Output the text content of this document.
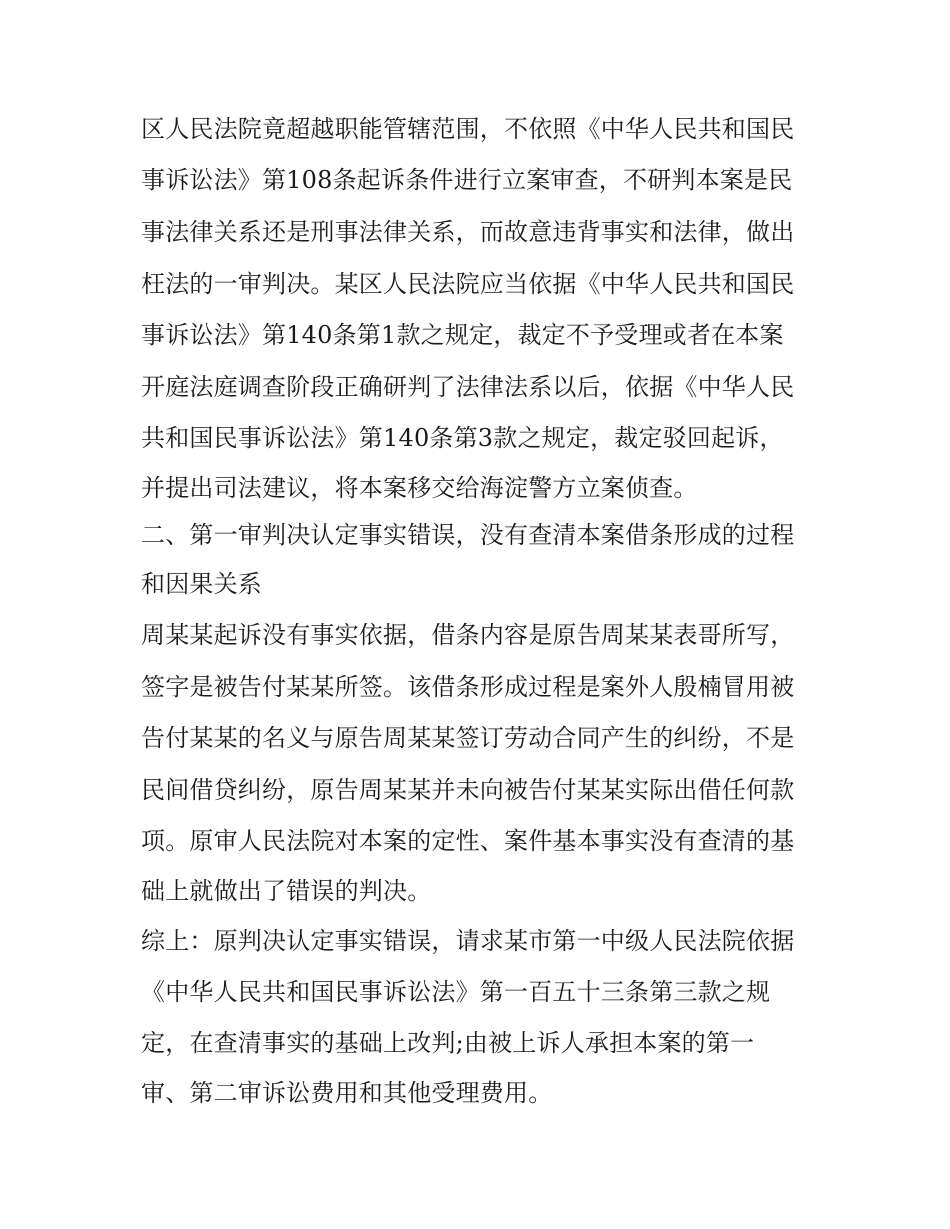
区人民法院竟超越职能管辖范围，不依照《中华人民共和国民
事诉讼法》第108条起诉条件进行立案审查，不研判本案是民
事法律关系还是刑事法律关系，而故意违背事实和法律，做出
枉法的一审判决。某区人民法院应当依据《中华人民共和国民
事诉讼法》第140条第1款之规定，裁定不予受理或者在本案
开庭法庭调查阶段正确研判了法律法系以后，依据《中华人民
共和国民事诉讼法》第140条第3款之规定，裁定驳回起诉，
并提出司法建议，将本案移交给海淀警方立案侦查。
二、第一审判决认定事实错误，没有查清本案借条形成的过程
和因果关系
周某某起诉没有事实依据，借条内容是原告周某某表哥所写，
签字是被告付某某所签。该借条形成过程是案外人殷楠冒用被
告付某某的名义与原告周某某签订劳动合同产生的纠纷，不是
民间借贷纠纷，原告周某某并未向被告付某某实际出借任何款
项。原审人民法院对本案的定性、案件基本事实没有查清的基
础上就做出了错误的判决。
综上：原判决认定事实错误，请求某市第一中级人民法院依据
《中华人民共和国民事诉讼法》第一百五十三条第三款之规
定，在查清事实的基础上改判;由被上诉人承担本案的第一
审、第二审诉讼费用和其他受理费用。
